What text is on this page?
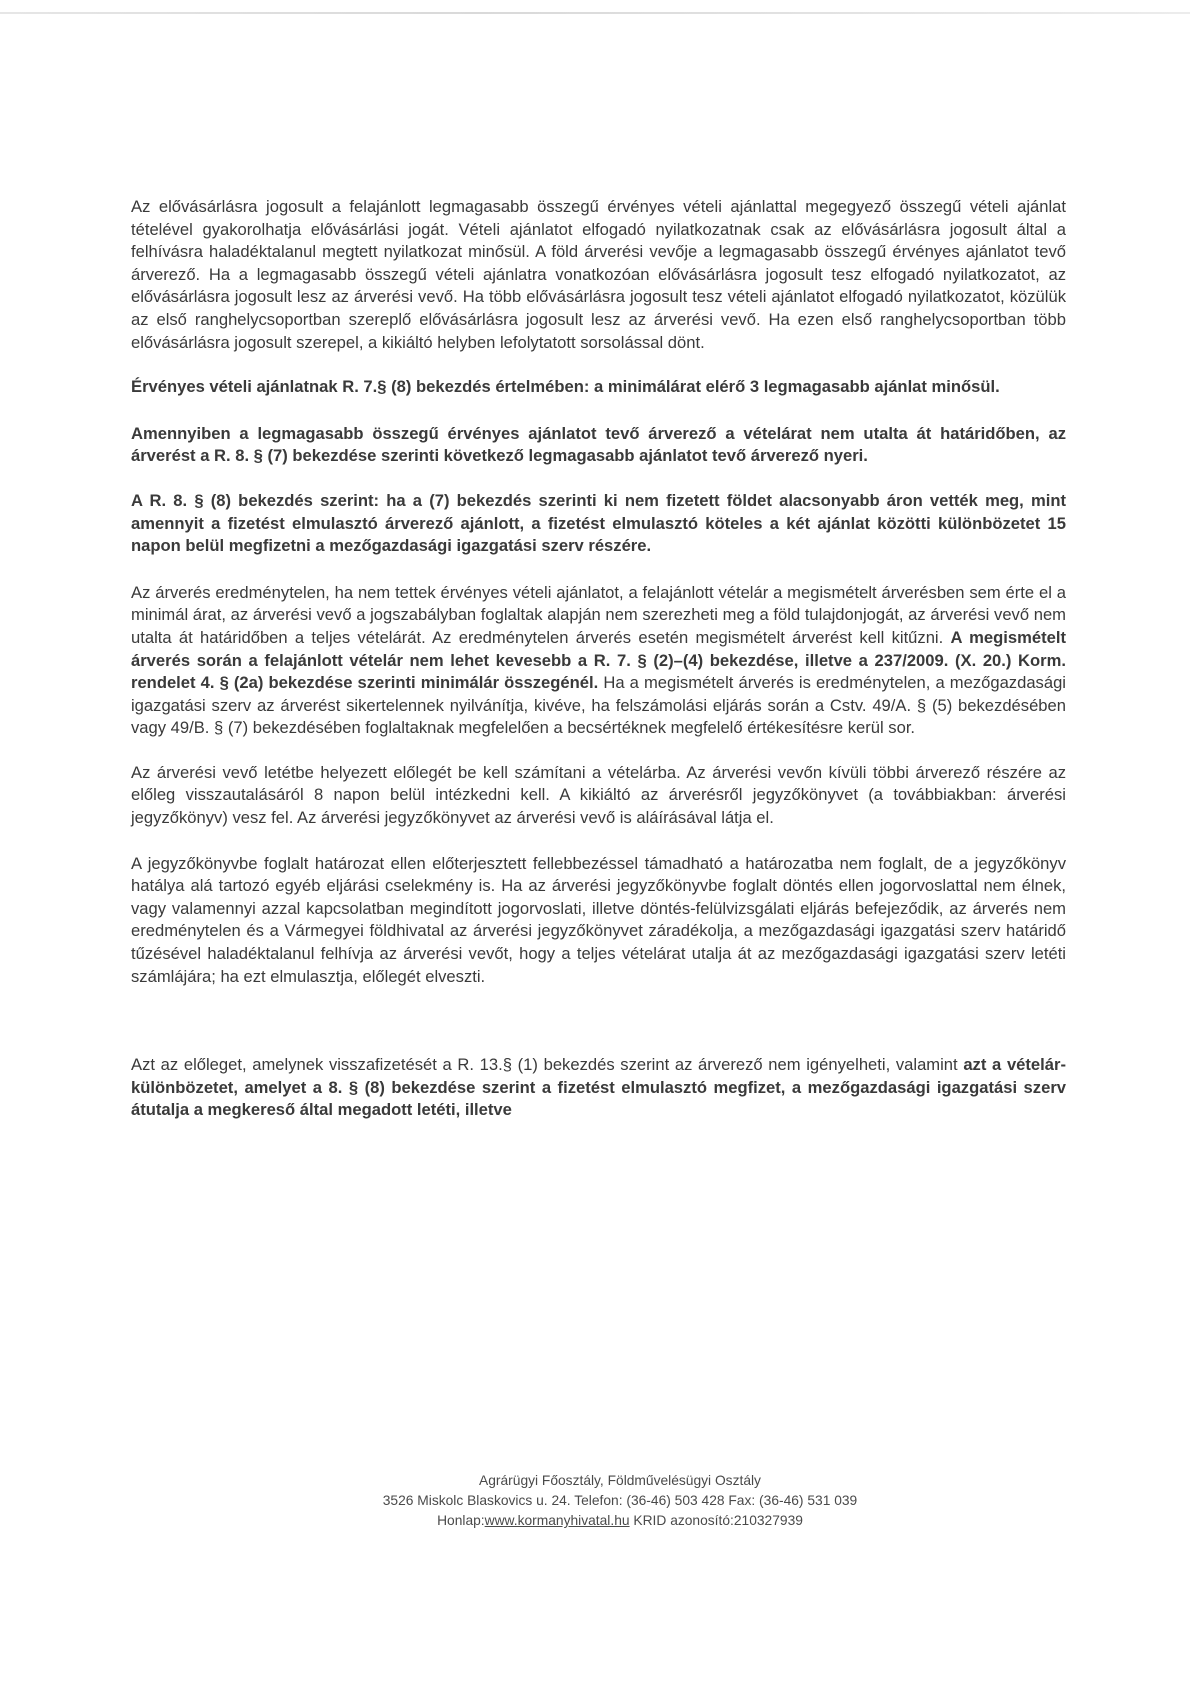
Az elővásárlásra jogosult a felajánlott legmagasabb összegű érvényes vételi ajánlattal megegyező összegű vételi ajánlat tételével gyakorolhatja elővásárlási jogát. Vételi ajánlatot elfogadó nyilatkozatnak csak az elővásárlásra jogosult által a felhívásra haladéktalanul megtett nyilatkozat minősül. A föld árverési vevője a legmagasabb összegű érvényes ajánlatot tevő árverező. Ha a legmagasabb összegű vételi ajánlatra vonatkozóan elővásárlásra jogosult tesz elfogadó nyilatkozatot, az elővásárlásra jogosult lesz az árverési vevő. Ha több elővásárlásra jogosult tesz vételi ajánlatot elfogadó nyilatkozatot, közülük az első ranghelycsoportban szereplő elővásárlásra jogosult lesz az árverési vevő. Ha ezen első ranghelycsoportban több elővásárlásra jogosult szerepel, a kikiáltó helyben lefolytatott sorsolással dönt.

Érvényes vételi ajánlatnak R. 7.§ (8) bekezdés értelmében: a minimálárat elérő 3 legmagasabb ajánlat minősül.

Amennyiben a legmagasabb összegű érvényes ajánlatot tevő árverező a vételárat nem utalta át határidőben, az árverést a R. 8. § (7) bekezdése szerinti következő legmagasabb ajánlatot tevő árverező nyeri.

A R. 8. § (8) bekezdés szerint: ha a (7) bekezdés szerinti ki nem fizetett földet alacsonyabb áron vették meg, mint amennyit a fizetést elmulasztó árverező ajánlott, a fizetést elmulasztó köteles a két ajánlat közötti különbözetet 15 napon belül megfizetni a mezőgazdasági igazgatási szerv részére.

Az árverés eredménytelen, ha nem tettek érvényes vételi ajánlatot, a felajánlott vételár a megismételt árverésben sem érte el a minimál árat, az árverési vevő a jogszabályban foglaltak alapján nem szerezheti meg a föld tulajdonjogát, az árverési vevő nem utalta át határidőben a teljes vételárát. Az eredménytelen árverés esetén megismételt árverést kell kitűzni. A megismételt árverés során a felajánlott vételár nem lehet kevesebb a R. 7. § (2)–(4) bekezdése, illetve a 237/2009. (X. 20.) Korm. rendelet 4. § (2a) bekezdése szerinti minimálár összegénél. Ha a megismételt árverés is eredménytelen, a mezőgazdasági igazgatási szerv az árverést sikertelennek nyilvánítja, kivéve, ha felszámolási eljárás során a Cstv. 49/A. § (5) bekezdésében vagy 49/B. § (7) bekezdésében foglaltaknak megfelelően a becsértéknek megfelelő értékesítésre kerül sor.

Az árverési vevő letétbe helyezett előlegét be kell számítani a vételárba. Az árverési vevőn kívüli többi árverező részére az előleg visszautalásáról 8 napon belül intézkedni kell. A kikiáltó az árverésről jegyzőkönyvet (a továbbiakban: árverési jegyzőkönyv) vesz fel. Az árverési jegyzőkönyvet az árverési vevő is aláírásával látja el.

A jegyzőkönyvbe foglalt határozat ellen előterjesztett fellebbezéssel támadható a határozatba nem foglalt, de a jegyzőkönyv hatálya alá tartozó egyéb eljárási cselekmény is. Ha az árverési jegyzőkönyvbe foglalt döntés ellen jogorvoslattal nem élnek, vagy valamennyi azzal kapcsolatban megindított jogorvoslati, illetve döntés-felülvizsgálati eljárás befejeződik, az árverés nem eredménytelen és a Vármegyei földhivatal az árverési jegyzőkönyvet záradékolja, a mezőgazdasági igazgatási szerv határidő tűzésével haladéktalanul felhívja az árverési vevőt, hogy a teljes vételárat utalja át az mezőgazdasági igazgatási szerv letéti számlájára; ha ezt elmulasztja, előlegét elveszti.

Azt az előleget, amelynek visszafizetését a R. 13.§ (1) bekezdés szerint az árverező nem igényelheti, valamint azt a vételár-különbözetet, amelyet a 8. § (8) bekezdése szerint a fizetést elmulasztó megfizet, a mezőgazdasági igazgatási szerv átutalja a megkereső által megadott letéti, illetve

Agrárügyi Főosztály, Földművelésügyi Osztály
3526 Miskolc Blaskovics u. 24. Telefon: (36-46) 503 428 Fax: (36-46) 531 039
Honlap:www.kormanyhivatal.hu KRID azonosító:210327939
